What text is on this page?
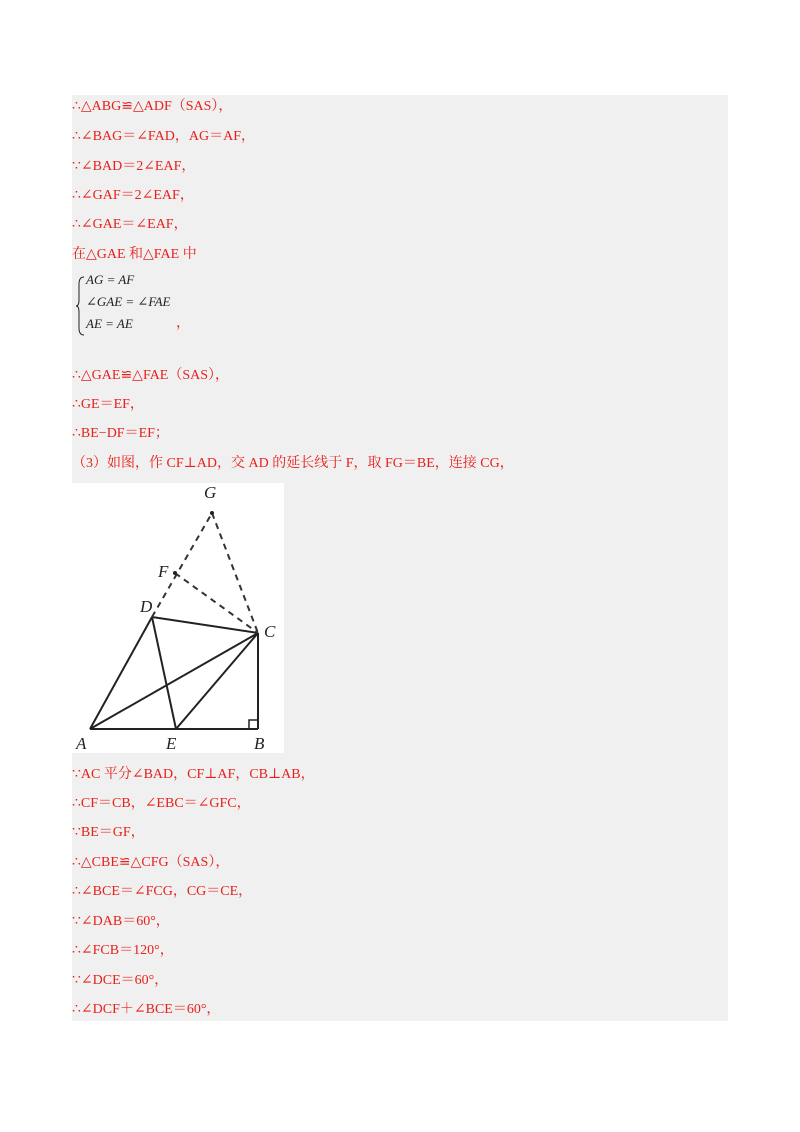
∴△ABG≌△ADF（SAS），
∴∠BAG＝∠FAD，AG＝AF，
∵∠BAD＝2∠EAF，
∴∠GAF＝2∠EAF，
∴∠GAE＝∠EAF，
在△GAE 和△FAE 中
AG = AF
∠GAE = ∠FAE
AE = AE	，
∴△GAE≌△FAE（SAS），
∴GE＝EF，
∴BE−DF＝EF；
（3）如图，作 CF⊥AD，交 AD 的延长线于 F，取 FG＝BE，连接 CG，
G
F
D
C
A	E	B
∵AC 平分∠BAD，CF⊥AF，CB⊥AB，
∴CF＝CB，∠EBC＝∠GFC，
∵BE＝GF，
∴△CBE≌△CFG（SAS），
∴∠BCE＝∠FCG，CG＝CE，
∵∠DAB＝60°，
∴∠FCB＝120°，
∵∠DCE＝60°，
∴∠DCF＋∠BCE＝60°，
